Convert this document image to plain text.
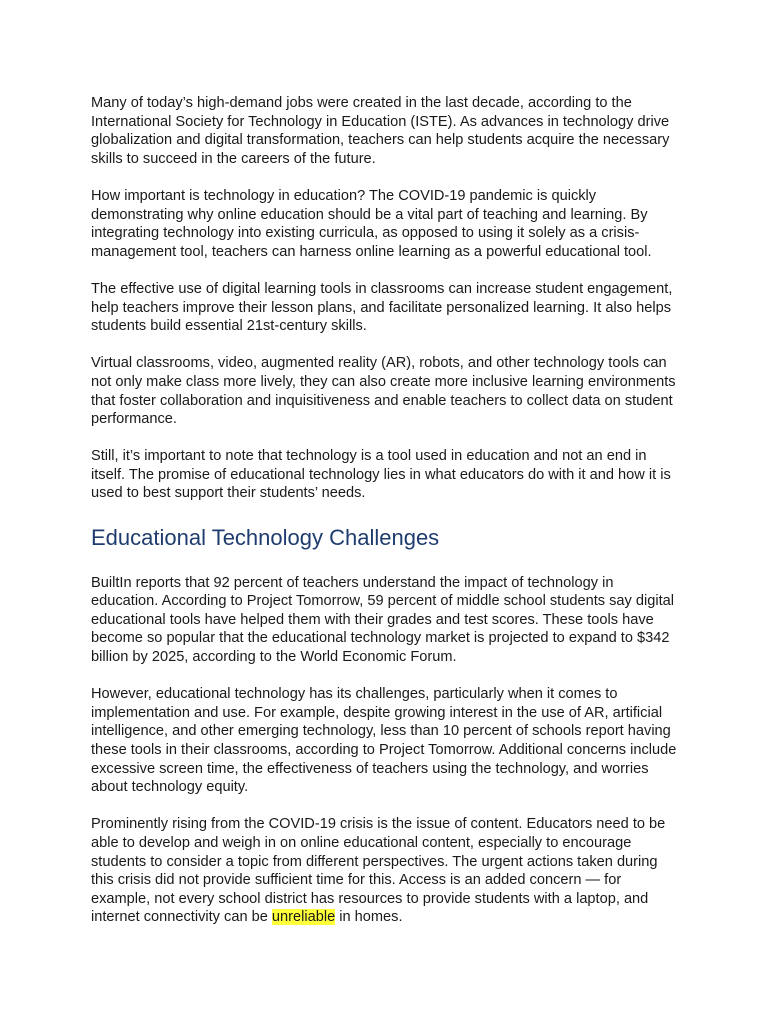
Many of today’s high-demand jobs were created in the last decade, according to the International Society for Technology in Education (ISTE). As advances in technology drive globalization and digital transformation, teachers can help students acquire the necessary skills to succeed in the careers of the future.

How important is technology in education? The COVID-19 pandemic is quickly demonstrating why online education should be a vital part of teaching and learning. By integrating technology into existing curricula, as opposed to using it solely as a crisis-management tool, teachers can harness online learning as a powerful educational tool.

The effective use of digital learning tools in classrooms can increase student engagement, help teachers improve their lesson plans, and facilitate personalized learning. It also helps students build essential 21st-century skills.

Virtual classrooms, video, augmented reality (AR), robots, and other technology tools can not only make class more lively, they can also create more inclusive learning environments that foster collaboration and inquisitiveness and enable teachers to collect data on student performance.

Still, it’s important to note that technology is a tool used in education and not an end in itself. The promise of educational technology lies in what educators do with it and how it is used to best support their students’ needs.

Educational Technology Challenges

BuiltIn reports that 92 percent of teachers understand the impact of technology in education. According to Project Tomorrow, 59 percent of middle school students say digital educational tools have helped them with their grades and test scores. These tools have become so popular that the educational technology market is projected to expand to $342 billion by 2025, according to the World Economic Forum.

However, educational technology has its challenges, particularly when it comes to implementation and use. For example, despite growing interest in the use of AR, artificial intelligence, and other emerging technology, less than 10 percent of schools report having these tools in their classrooms, according to Project Tomorrow. Additional concerns include excessive screen time, the effectiveness of teachers using the technology, and worries about technology equity.

Prominently rising from the COVID-19 crisis is the issue of content. Educators need to be able to develop and weigh in on online educational content, especially to encourage students to consider a topic from different perspectives. The urgent actions taken during this crisis did not provide sufficient time for this. Access is an added concern — for example, not every school district has resources to provide students with a laptop, and internet connectivity can be unreliable in homes.
